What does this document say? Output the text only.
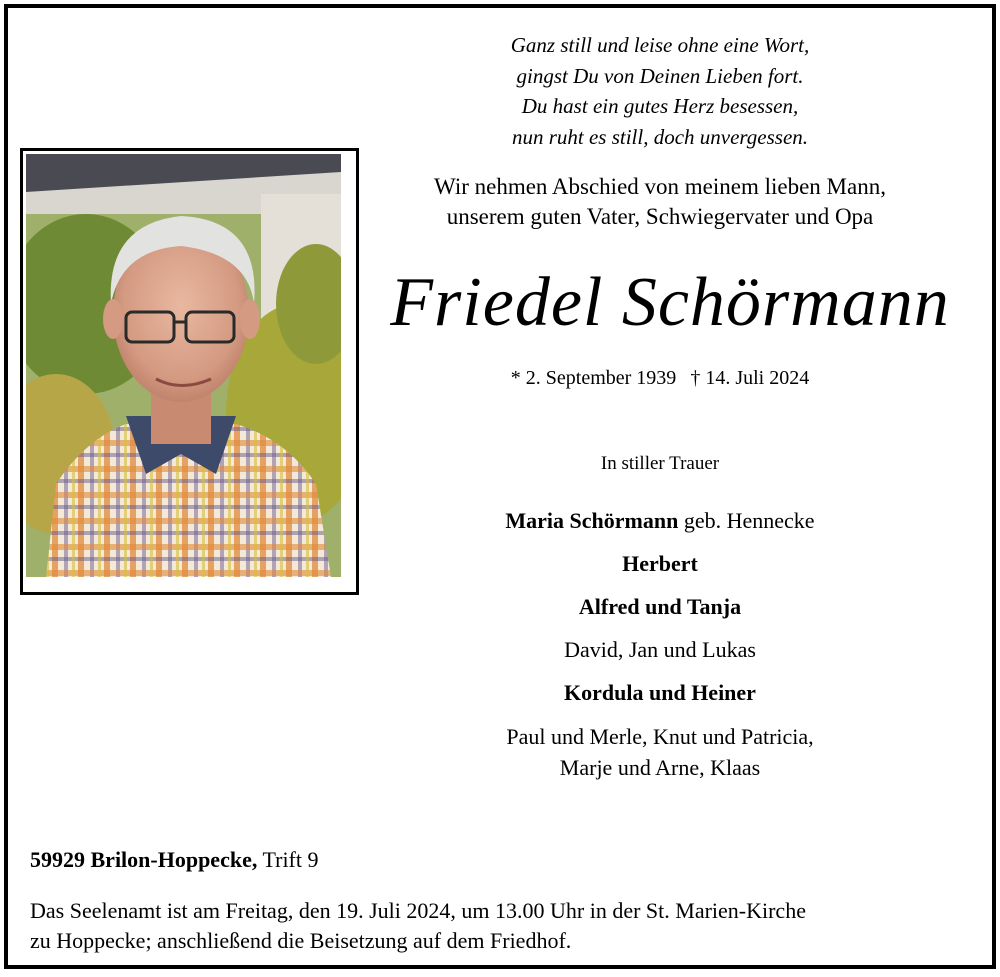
Ganz still und leise ohne eine Wort,
gingst Du von Deinen Lieben fort.
Du hast ein gutes Herz besessen,
nun ruht es still, doch unvergessen.
Wir nehmen Abschied von meinem lieben Mann,
unserem guten Vater, Schwiegervater und Opa
Friedel Schörmann
* 2. September 1939 † 14. Juli 2024
In stiller Trauer
Maria Schörmann geb. Hennecke
Herbert
Alfred und Tanja
David, Jan und Lukas
Kordula und Heiner
Paul und Merle, Knut und Patricia,
Marje und Arne, Klaas
59929 Brilon-Hoppecke, Trift 9
Das Seelenamt ist am Freitag, den 19. Juli 2024, um 13.00 Uhr in der St. Marien-Kirche
zu Hoppecke; anschließend die Beisetzung auf dem Friedhof.
